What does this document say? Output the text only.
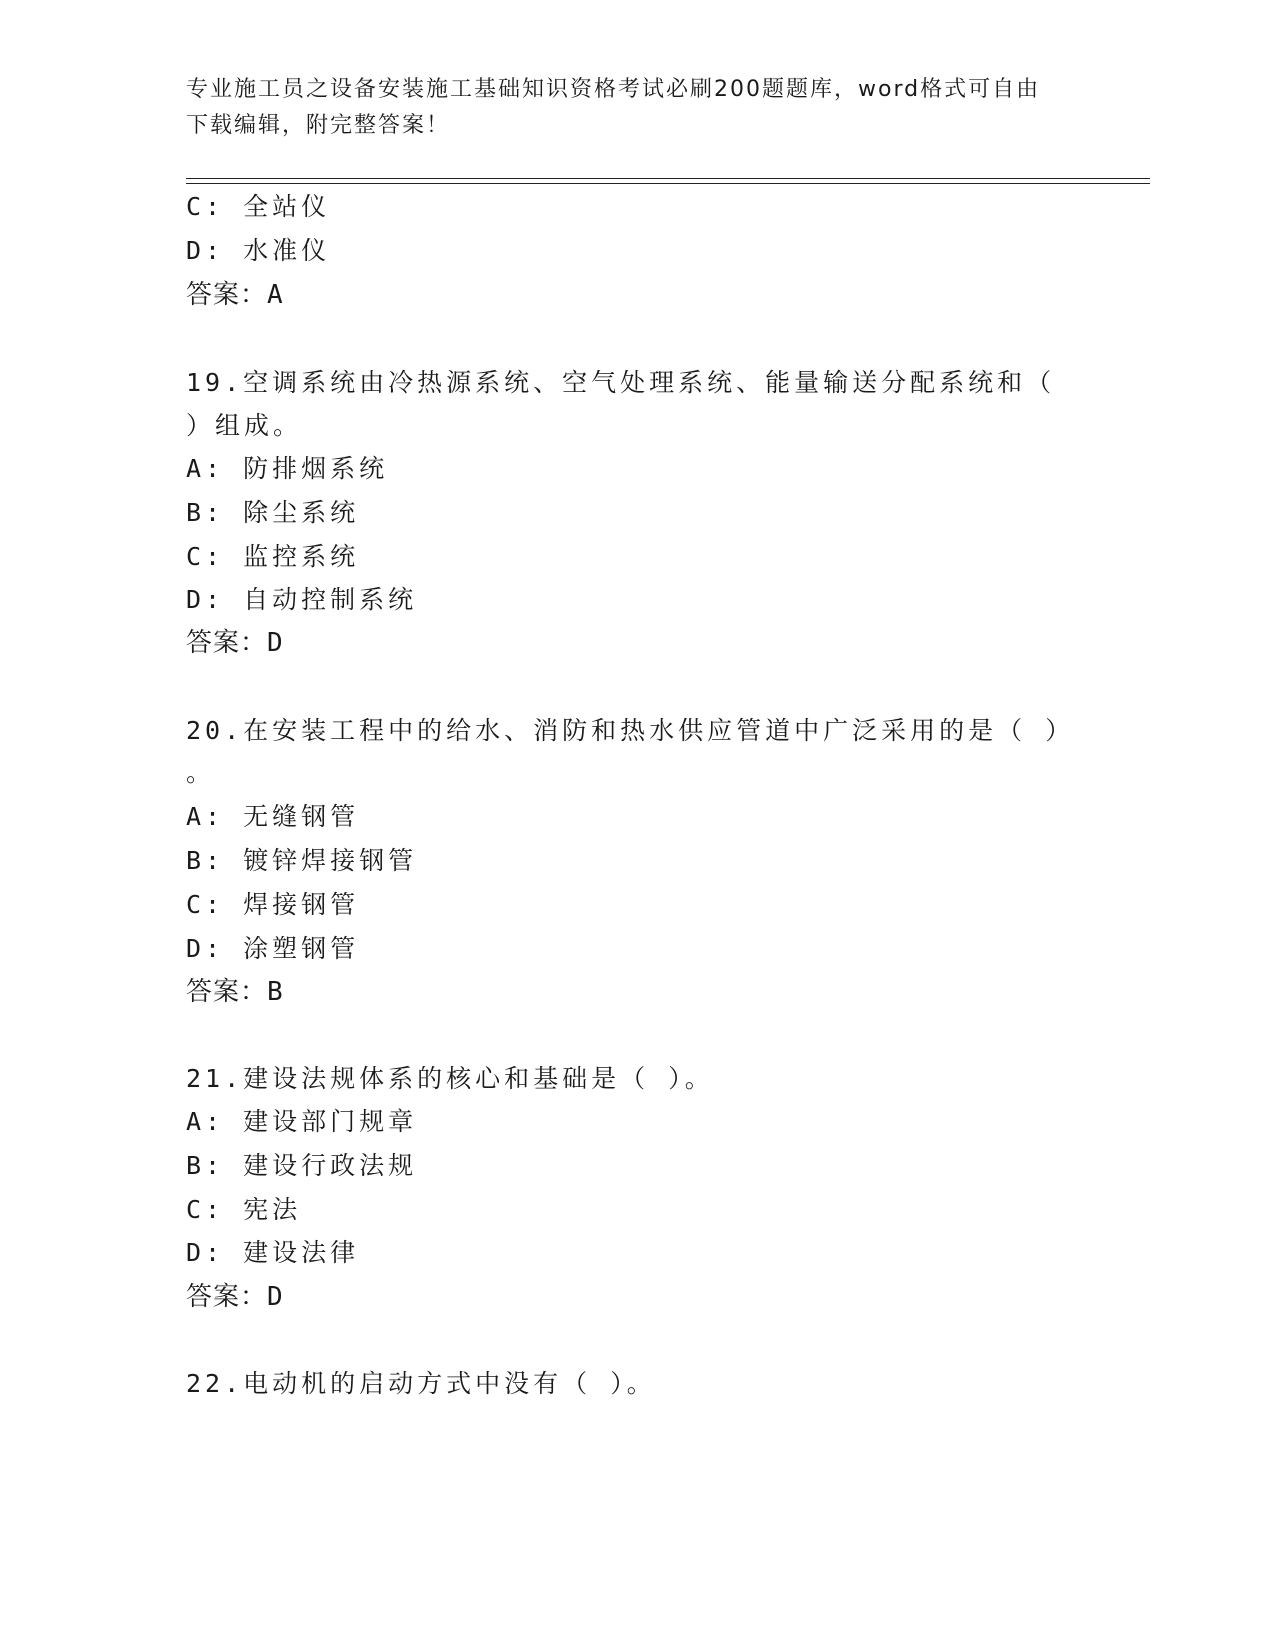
专业施工员之设备安装施工基础知识资格考试必刷200题题库，word格式可自由
下载编辑，附完整答案！
C: 全站仪
D: 水准仪
答案：A
19.空调系统由冷热源系统、空气处理系统、能量输送分配系统和（
）组成。
A: 防排烟系统
B: 除尘系统
C: 监控系统
D: 自动控制系统
答案：D
20.在安装工程中的给水、消防和热水供应管道中广泛采用的是（ ）
。
A: 无缝钢管
B: 镀锌焊接钢管
C: 焊接钢管
D: 涂塑钢管
答案：B
21.建设法规体系的核心和基础是（ ）。
A: 建设部门规章
B: 建设行政法规
C: 宪法
D: 建设法律
答案：D
22.电动机的启动方式中没有（ ）。
